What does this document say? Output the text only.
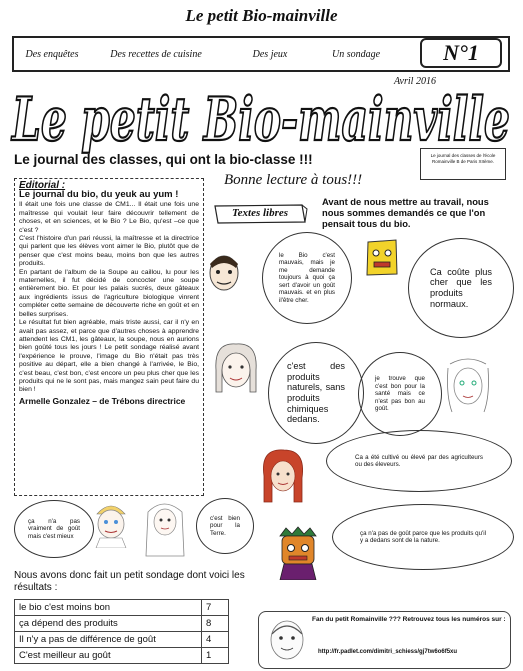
Le petit Bio-mainville
Des enquêtes	Des recettes de cuisine	Des jeux	Un sondage	N°1
Avril 2016
Le petit Bio-mainville
Le journal des classes, qui ont la bio-classe !!!	Le journal des classes de l'école Romainville B de Paris XIIème.
Editorial :
Le journal du bio, du yeuk au yum !

Il était une fois une classe de CM1... Il était une fois une maîtresse qui voulait leur faire découvrir tellement de choses, et en sciences, et le Bio ? Le Bio, qu'est –ce que c'est ?

C'est l'histoire d'un pari réussi, la maîtresse et la directrice qui parlent que les élèves vont aimer le Bio, plutôt que de penser que c'est moins beau, moins bon que les autres produits.

En partant de l'album de la Soupe au caillou, lu pour les maternelles, il fut décidé de concocter une soupe entièrement bio. Et pour les palais sucrés, deux gâteaux aux ingrédients issus de l'agriculture biologique vinrent compléter cette semaine de découverte riche en goût et en belles surprises.

Le résultat fut bien agréable, mais triste aussi, car il n'y en avait pas assez, et parce que d'autres choses à apprendre attendent les CM1, les gâteaux, la soupe, nous en aurions bien goûté tous les jours ! Le petit sondage réalisé avant l'expérience le prouve, l'image du Bio n'était pas très positive au départ, elle a bien changé à l'arrivée, le Bio, c'est beau, c'est bon, c'est encore un peu plus cher que les produits qui ne le sont pas, mais mangez sain peut faire du bien !

Armelle Gonzalez – de Trébons directrice
Bonne lecture à tous!!!
Textes libres
Avant de nous mettre au travail, nous nous sommes demandés ce que l'on pensait tous du bio.
le Bio c'est mauvais, mais je me demande toujours à quoi ça sert d'avoir un goût mauvais. et en plus il'être cher.
Ca coûte plus cher que les produits normaux.
c'est des produits naturels, sans produits chimiques dedans.
je trouve que c'est bon pour la santé mais ce n'est pas bon au goût.
Ca a été cultivé ou élevé par des agriculteurs ou des éleveurs.
ça n'a pas vraiment de goût mais c'est mieux
c'est bien pour la Terre.	ça n'a pas de goût parce que les produits qu'il y a dedans sont de la nature.
Nous avons donc fait un petit sondage dont voici les résultats :
le bio c'est moins bon	7
ça dépend des produits	8
Il n'y a pas de différence de goût	4
C'est meilleur au goût	1
Fan du petit Romainville ??? Retrouvez tous les numéros sur :
http://fr.padlet.com/dimitri_schiess/gj7tw6o6f5xu
